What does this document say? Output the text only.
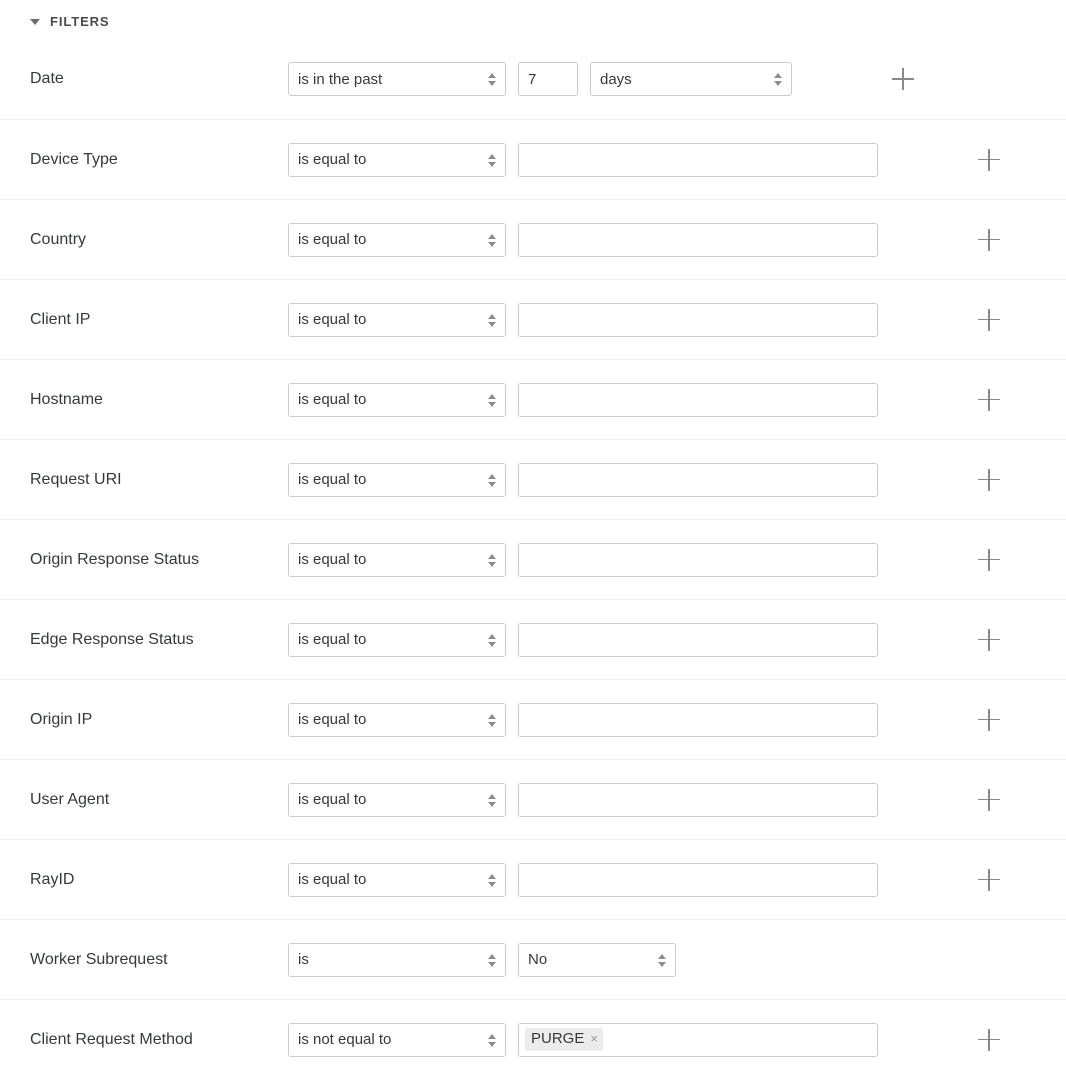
FILTERS
Date
is in the past
7
days
Device Type
is equal to
Country
is equal to
Client IP
is equal to
Hostname
is equal to
Request URI
is equal to
Origin Response Status
is equal to
Edge Response Status
is equal to
Origin IP
is equal to
User Agent
is equal to
RayID
is equal to
Worker Subrequest
is
No
Client Request Method
is not equal to	PURGE ×
